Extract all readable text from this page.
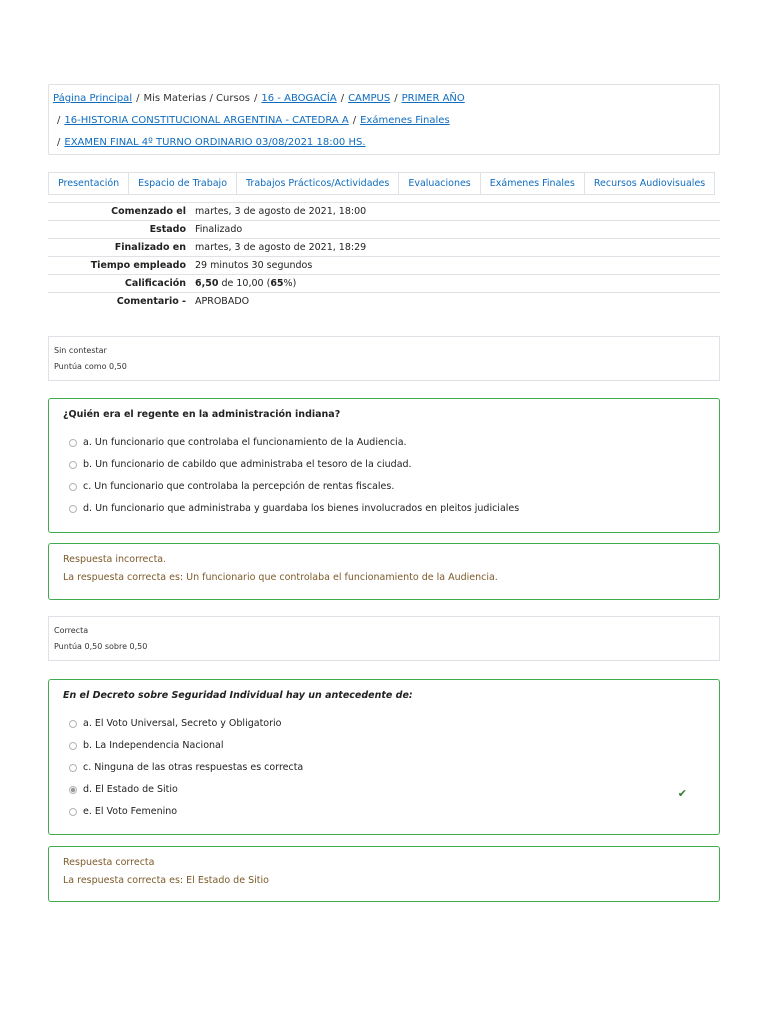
Página Principal / Mis Materias / Cursos / 16 - ABOGACÍA / CAMPUS / PRIMER AÑO
/ 16-HISTORIA CONSTITUCIONAL ARGENTINA - CATEDRA A / Exámenes Finales
/ EXAMEN FINAL 4º TURNO ORDINARIO 03/08/2021 18:00 HS.
Presentación	Espacio de Trabajo	Trabajos Prácticos/Actividades	Evaluaciones	Exámenes Finales	Recursos Audiovisuales
Comenzado el	martes, 3 de agosto de 2021, 18:00
Estado	Finalizado
Finalizado en	martes, 3 de agosto de 2021, 18:29
Tiempo empleado	29 minutos 30 segundos
Calificación	6,50 de 10,00 (65%)
Comentario -	APROBADO
Sin contestar
Puntúa como 0,50
¿Quién era el regente en la administración indiana?
a. Un funcionario que controlaba el funcionamiento de la Audiencia.
b. Un funcionario de cabildo que administraba el tesoro de la ciudad.
c. Un funcionario que controlaba la percepción de rentas fiscales.
d. Un funcionario que administraba y guardaba los bienes involucrados en pleitos judiciales
Respuesta incorrecta.
La respuesta correcta es: Un funcionario que controlaba el funcionamiento de la Audiencia.
Correcta
Puntúa 0,50 sobre 0,50
En el Decreto sobre Seguridad Individual hay un antecedente de:
a. El Voto Universal, Secreto y Obligatorio
b. La Independencia Nacional
c. Ninguna de las otras respuestas es correcta
d. El Estado de Sitio	✔
e. El Voto Femenino
Respuesta correcta
La respuesta correcta es: El Estado de Sitio
